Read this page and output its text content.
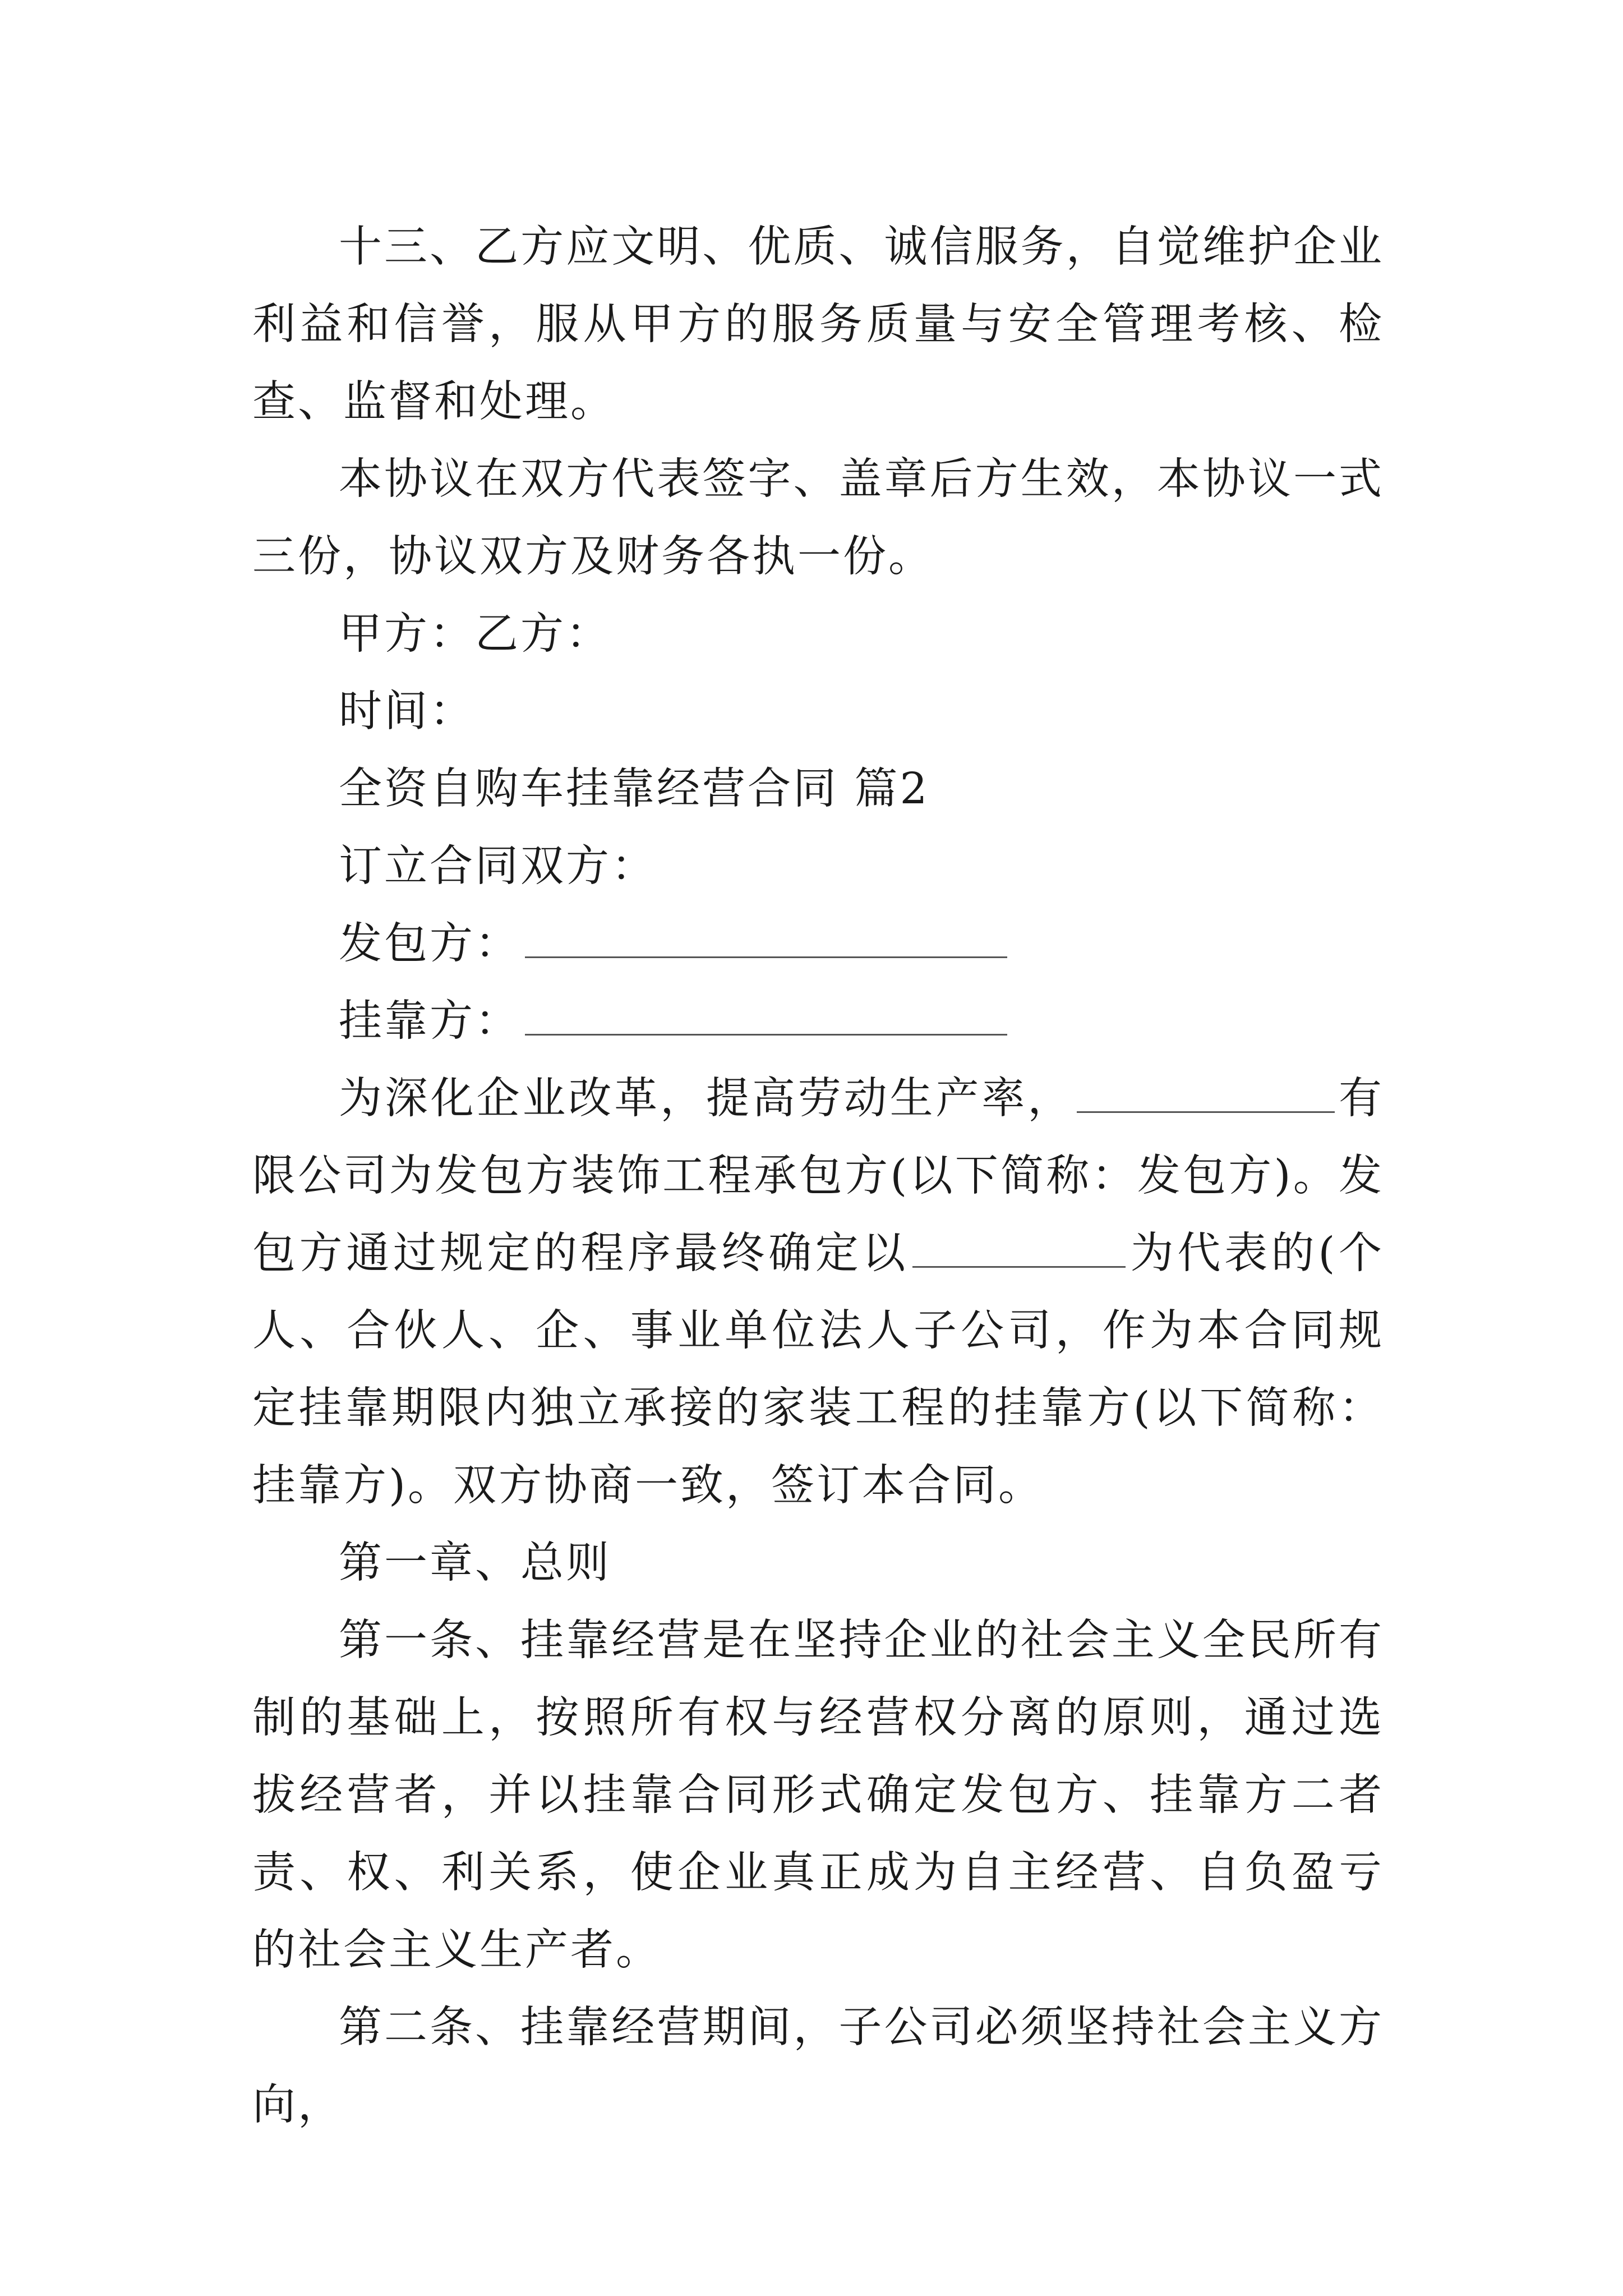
十三、乙方应文明、优质、诚信服务，自觉维护企业利益和信誉，服从甲方的服务质量与安全管理考核、检查、监督和处理。

本协议在双方代表签字、盖章后方生效，本协议一式三份，协议双方及财务各执一份。

甲方：乙方：

时间：

全资自购车挂靠经营合同 篇2

订立合同双方：

发包方：

挂靠方：

为深化企业改革，提高劳动生产率，	有限公司为发包方装饰工程承包方(以下简称：发包方)。发包方通过规定的程序最终确定以	为代表的(个人、合伙人、企、事业单位法人子公司，作为本合同规定挂靠期限内独立承接的家装工程的挂靠方(以下简称：挂靠方)。双方协商一致，签订本合同。

第一章、总则

第一条、挂靠经营是在坚持企业的社会主义全民所有制的基础上，按照所有权与经营权分离的原则，通过选拔经营者，并以挂靠合同形式确定发包方、挂靠方二者责、权、利关系，使企业真正成为自主经营、自负盈亏的社会主义生产者。

第二条、挂靠经营期间，子公司必须坚持社会主义方向，
